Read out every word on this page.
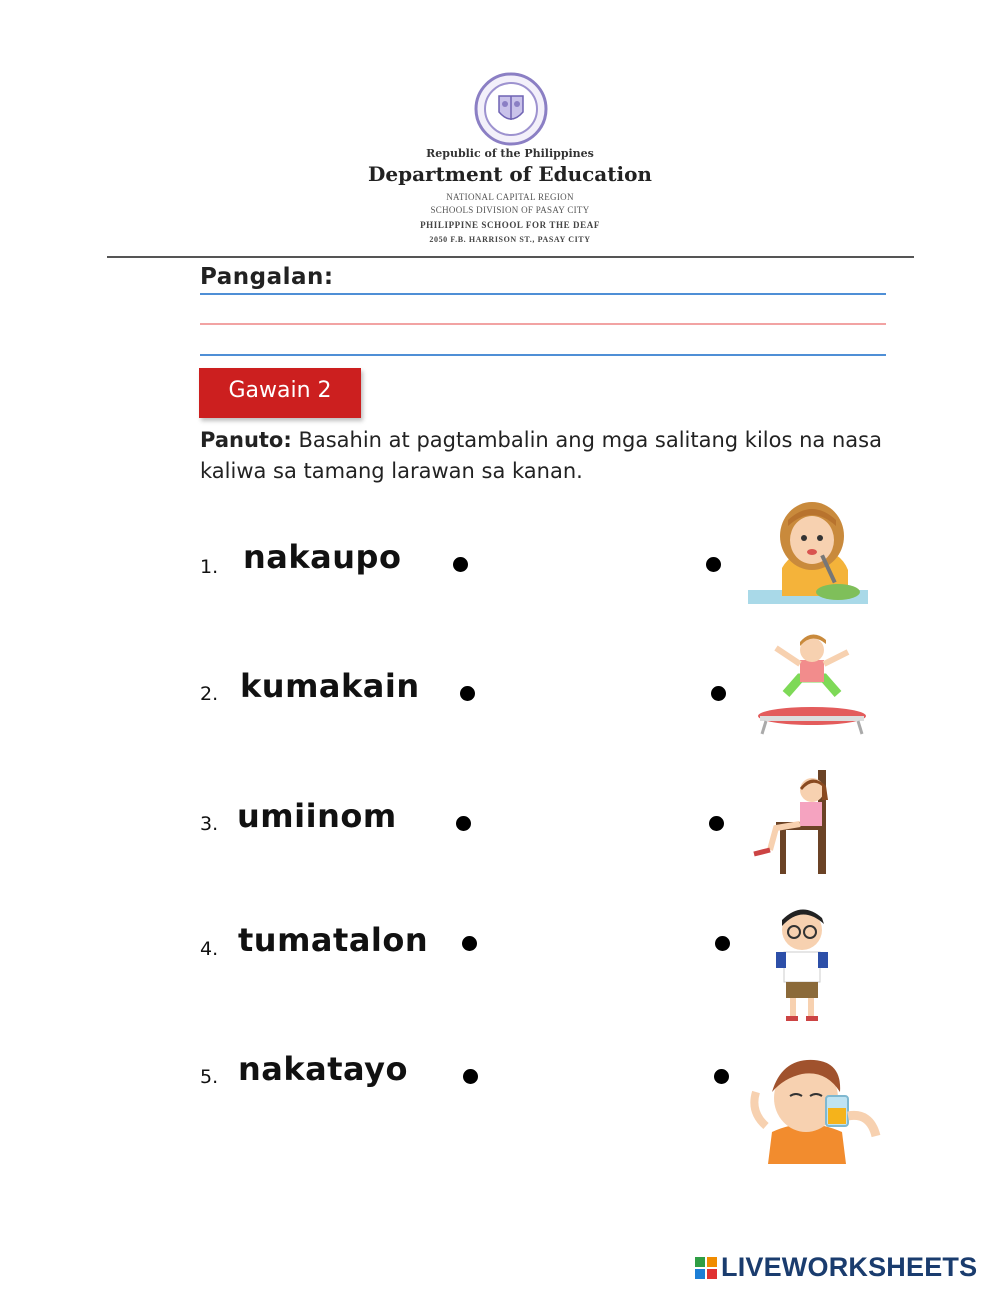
Republic of the Philippines
Department of Education
NATIONAL CAPITAL REGION
SCHOOLS DIVISION OF PASAY CITY
PHILIPPINE SCHOOL FOR THE DEAF
2050 F.B. HARRISON ST., PASAY CITY
Pangalan:
Gawain 2
Panuto: Basahin at pagtambalin ang mga salitang kilos na nasa kaliwa sa tamang larawan sa kanan.
1. nakaupo
2. kumakain
3. umiinom
4. tumatalon
5. nakatayo
LIVEWORKSHEETS
